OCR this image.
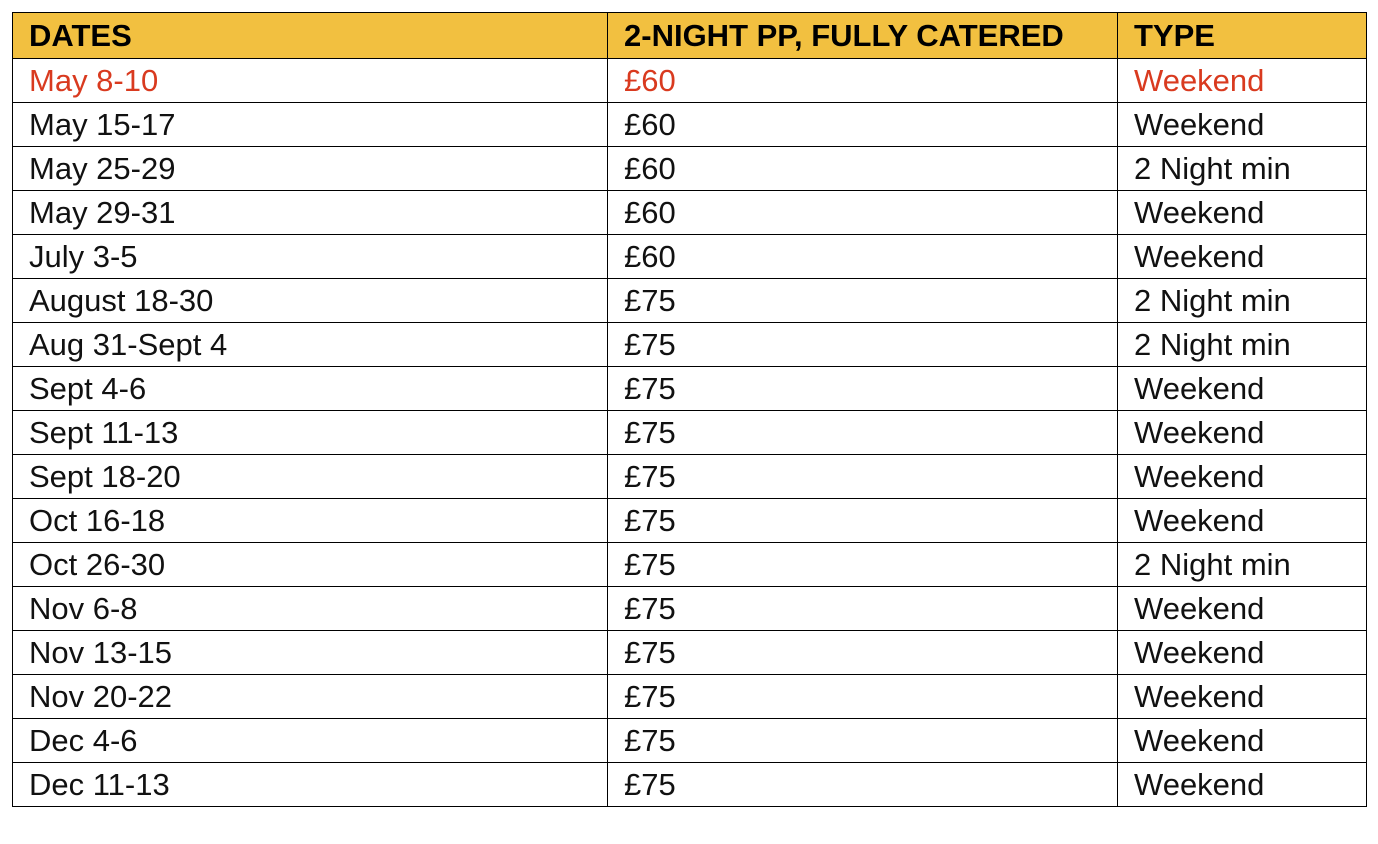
DATES	2-NIGHT PP, FULLY CATERED	TYPE
May 8-10	£60	Weekend
May 15-17	£60	Weekend
May 25-29	£60	2 Night min
May 29-31	£60	Weekend
July 3-5	£60	Weekend
August 18-30	£75	2 Night min
Aug 31-Sept 4	£75	2 Night min
Sept 4-6	£75	Weekend
Sept 11-13	£75	Weekend
Sept 18-20	£75	Weekend
Oct 16-18	£75	Weekend
Oct 26-30	£75	2 Night min
Nov 6-8	£75	Weekend
Nov 13-15	£75	Weekend
Nov 20-22	£75	Weekend
Dec 4-6	£75	Weekend
Dec 11-13	£75	Weekend
